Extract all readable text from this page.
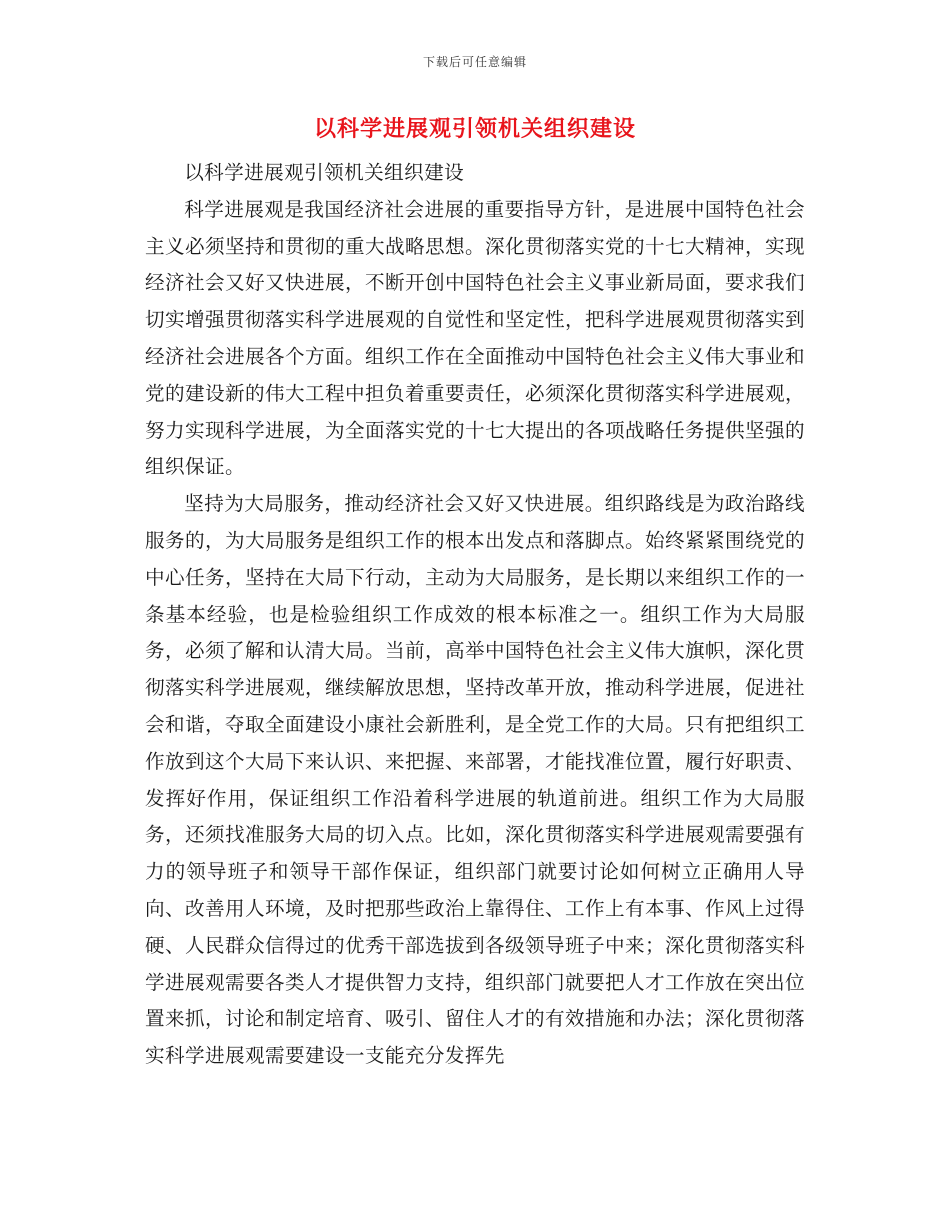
下载后可任意编辑
以科学进展观引领机关组织建设

以科学进展观引领机关组织建设

科学进展观是我国经济社会进展的重要指导方针，是进展中国特色社会主义必须坚持和贯彻的重大战略思想。深化贯彻落实党的十七大精神，实现经济社会又好又快进展，不断开创中国特色社会主义事业新局面，要求我们切实增强贯彻落实科学进展观的自觉性和坚定性，把科学进展观贯彻落实到经济社会进展各个方面。组织工作在全面推动中国特色社会主义伟大事业和党的建设新的伟大工程中担负着重要责任，必须深化贯彻落实科学进展观，努力实现科学进展，为全面落实党的十七大提出的各项战略任务提供坚强的组织保证。

坚持为大局服务，推动经济社会又好又快进展。组织路线是为政治路线服务的，为大局服务是组织工作的根本出发点和落脚点。始终紧紧围绕党的中心任务，坚持在大局下行动，主动为大局服务，是长期以来组织工作的一条基本经验，也是检验组织工作成效的根本标准之一。组织工作为大局服务，必须了解和认清大局。当前，高举中国特色社会主义伟大旗帜，深化贯彻落实科学进展观，继续解放思想，坚持改革开放，推动科学进展，促进社会和谐，夺取全面建设小康社会新胜利，是全党工作的大局。只有把组织工作放到这个大局下来认识、来把握、来部署，才能找准位置，履行好职责、发挥好作用，保证组织工作沿着科学进展的轨道前进。组织工作为大局服务，还须找准服务大局的切入点。比如，深化贯彻落实科学进展观需要强有力的领导班子和领导干部作保证，组织部门就要讨论如何树立正确用人导向、改善用人环境，及时把那些政治上靠得住、工作上有本事、作风上过得硬、人民群众信得过的优秀干部选拔到各级领导班子中来；深化贯彻落实科学进展观需要各类人才提供智力支持，组织部门就要把人才工作放在突出位置来抓，讨论和制定培育、吸引、留住人才的有效措施和办法；深化贯彻落实科学进展观需要建设一支能充分发挥先
